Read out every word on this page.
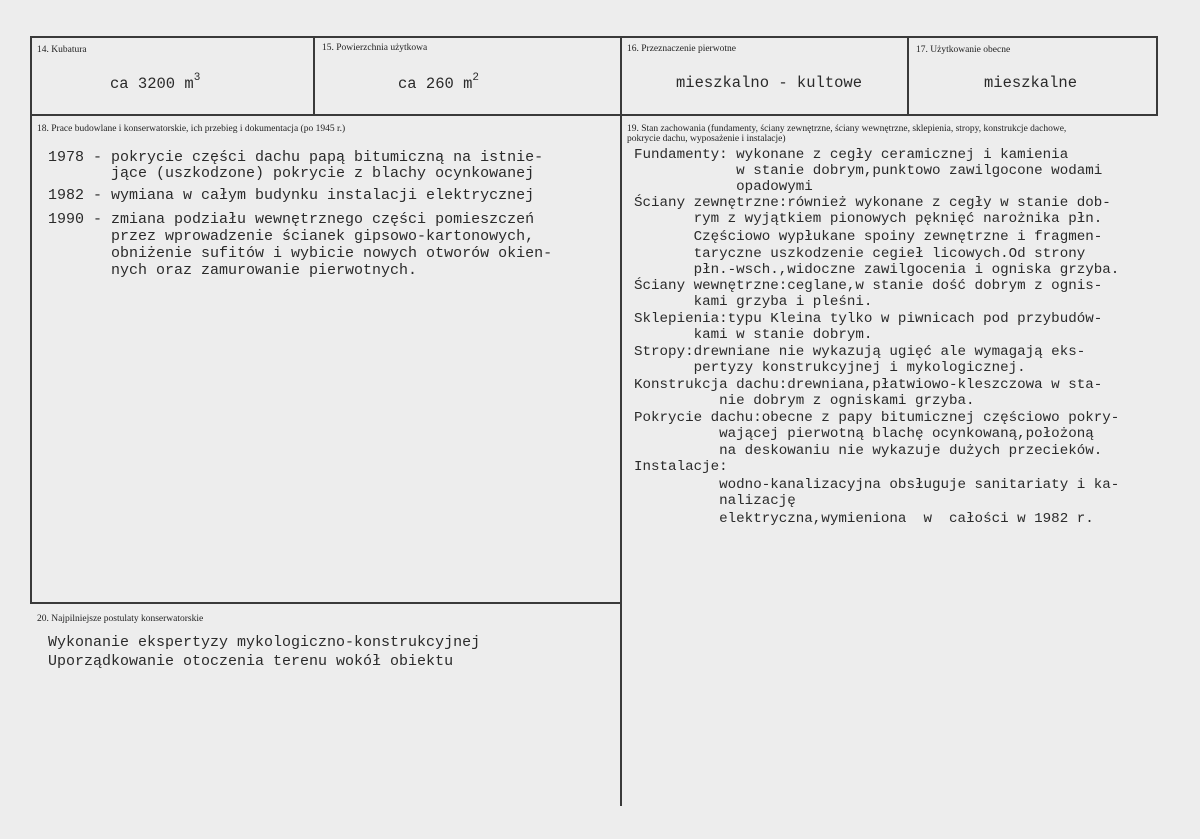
14. Kubatura
ca 3200 $m^3$
15. Powierzchnia użytkowa
ca 260 $m^2$
16. Przeznaczenie pierwotne
mieszkalno - kultowe
17. Użytkowanie obecne
mieszkalne
18. Prace budowlane i konserwatorskie, ich przebieg i dokumentacja (po 1945 r.)

1978 - pokrycie części dachu papą bitumiczną na istnie-

jące (uszkodzone) pokrycie z blachy ocynkowanej

1982 - wymiana w całym budynku instalacji elektrycznej

1990 - zmiana podziału wewnętrznego części pomieszczeń

przez wprowadzenie ścianek gipsowo-kartonowych,

obniżenie sufitów i wybicie nowych otworów okien-

nych oraz zamurowanie pierwotnych.

19. Stan zachowania (fundamenty, ściany zewnętrzne, ściany wewnętrzne, sklepienia, stropy, konstrukcje dachowe,
pokrycie dachu, wyposażenie i instalacje)

Fundamenty: wykonane z cegły ceramicznej i kamienia

w stanie dobrym,punktowo zawilgocone wodami

opadowymi

Ściany zewnętrzne:również wykonane z cegły w stanie dob-

rym z wyjątkiem pionowych pęknięć narożnika płn.

Częściowo wypłukane spoiny zewnętrzne i fragmen-

taryczne uszkodzenie cegieł licowych.Od strony

płn.-wsch.,widoczne zawilgocenia i ogniska grzyba.

Ściany wewnętrzne:ceglane,w stanie dość dobrym z ognis-

kami grzyba i pleśni.

Sklepienia:typu Kleina tylko w piwnicach pod przybudów-

kami w stanie dobrym.

Stropy:drewniane nie wykazują ugięć ale wymagają eks-

pertyzy konstrukcyjnej i mykologicznej.

Konstrukcja dachu:drewniana,płatwiowo-kleszczowa w sta-

nie dobrym z ogniskami grzyba.

Pokrycie dachu:obecne z papy bitumicznej częściowo pokry-

wającej pierwotną blachę ocynkowaną,położoną

na deskowaniu nie wykazuje dużych przecieków.

Instalacje:

wodno-kanalizacyjna obsługuje sanitariaty i ka-

nalizację

elektryczna,wymieniona  w  całości w 1982 r.

20. Najpilniejsze postulaty konserwatorskie

Wykonanie ekspertyzy mykologiczno-konstrukcyjnej

Uporządkowanie otoczenia terenu wokół obiektu
